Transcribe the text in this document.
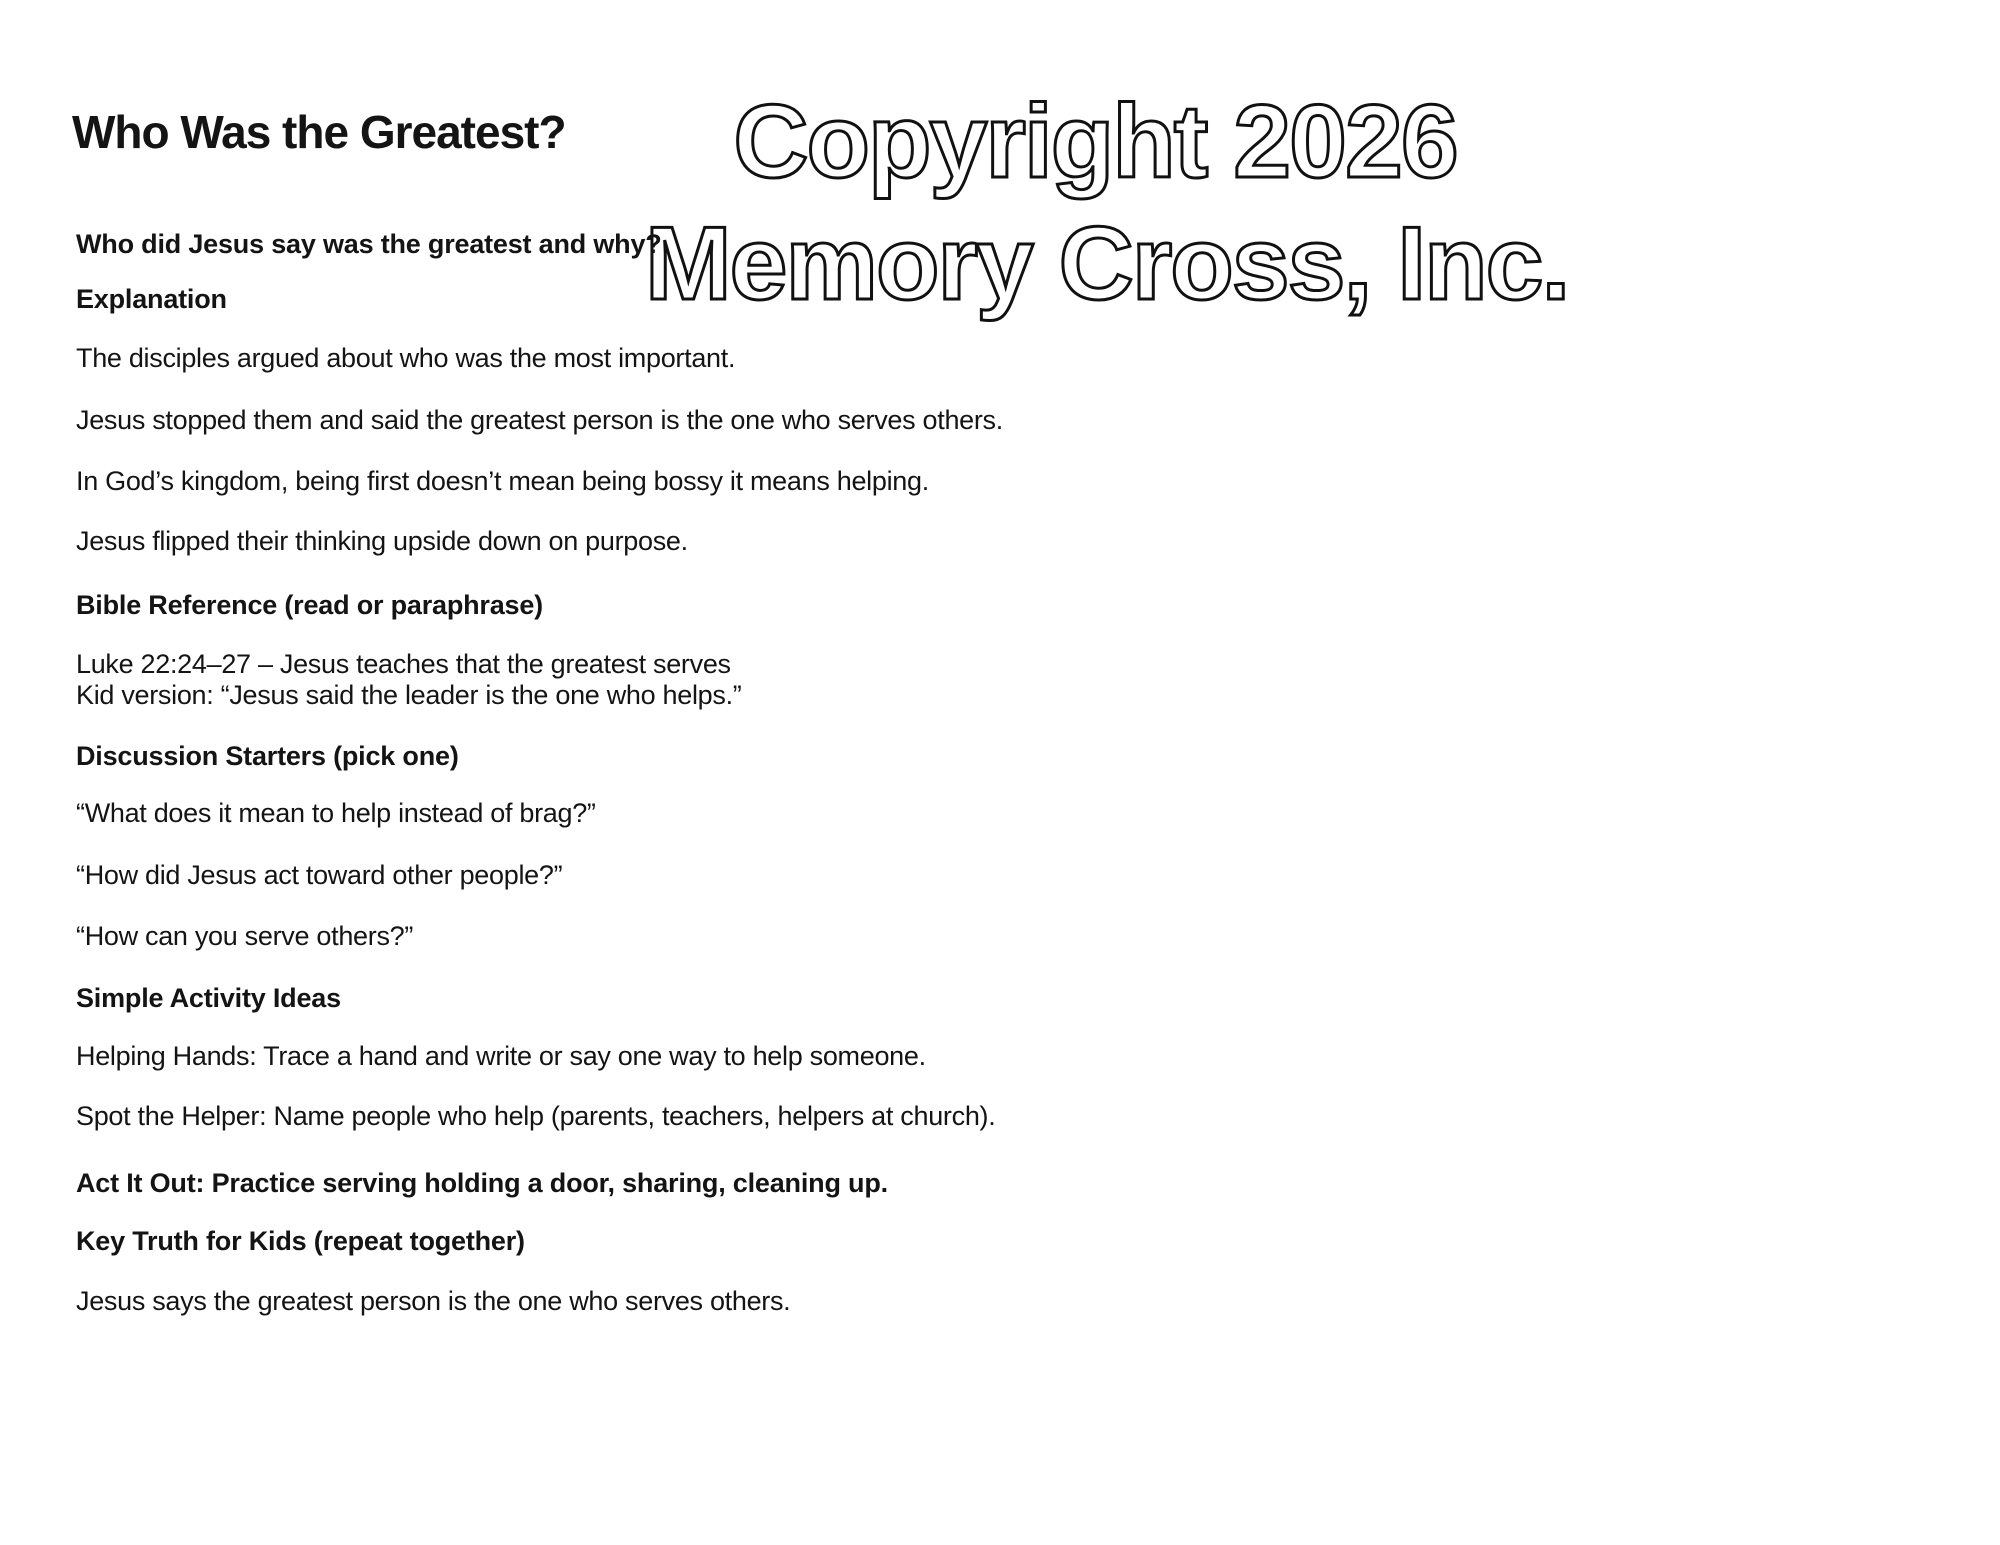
Copyright 2026
Memory Cross, Inc.
Who Was the Greatest?

Who did Jesus say was the greatest and why?

Explanation

The disciples argued about who was the most important.

Jesus stopped them and said the greatest person is the one who serves others.

In God’s kingdom, being first doesn’t mean being bossy it means helping.

Jesus flipped their thinking upside down on purpose.

Bible Reference (read or paraphrase)

Luke 22:24–27 – Jesus teaches that the greatest serves

Kid version: “Jesus said the leader is the one who helps.”

Discussion Starters (pick one)

“What does it mean to help instead of brag?”

“How did Jesus act toward other people?”

“How can you serve others?”

Simple Activity Ideas

Helping Hands: Trace a hand and write or say one way to help someone.

Spot the Helper: Name people who help (parents, teachers, helpers at church).

Act It Out: Practice serving holding a door, sharing, cleaning up.

Key Truth for Kids (repeat together)

Jesus says the greatest person is the one who serves others.
